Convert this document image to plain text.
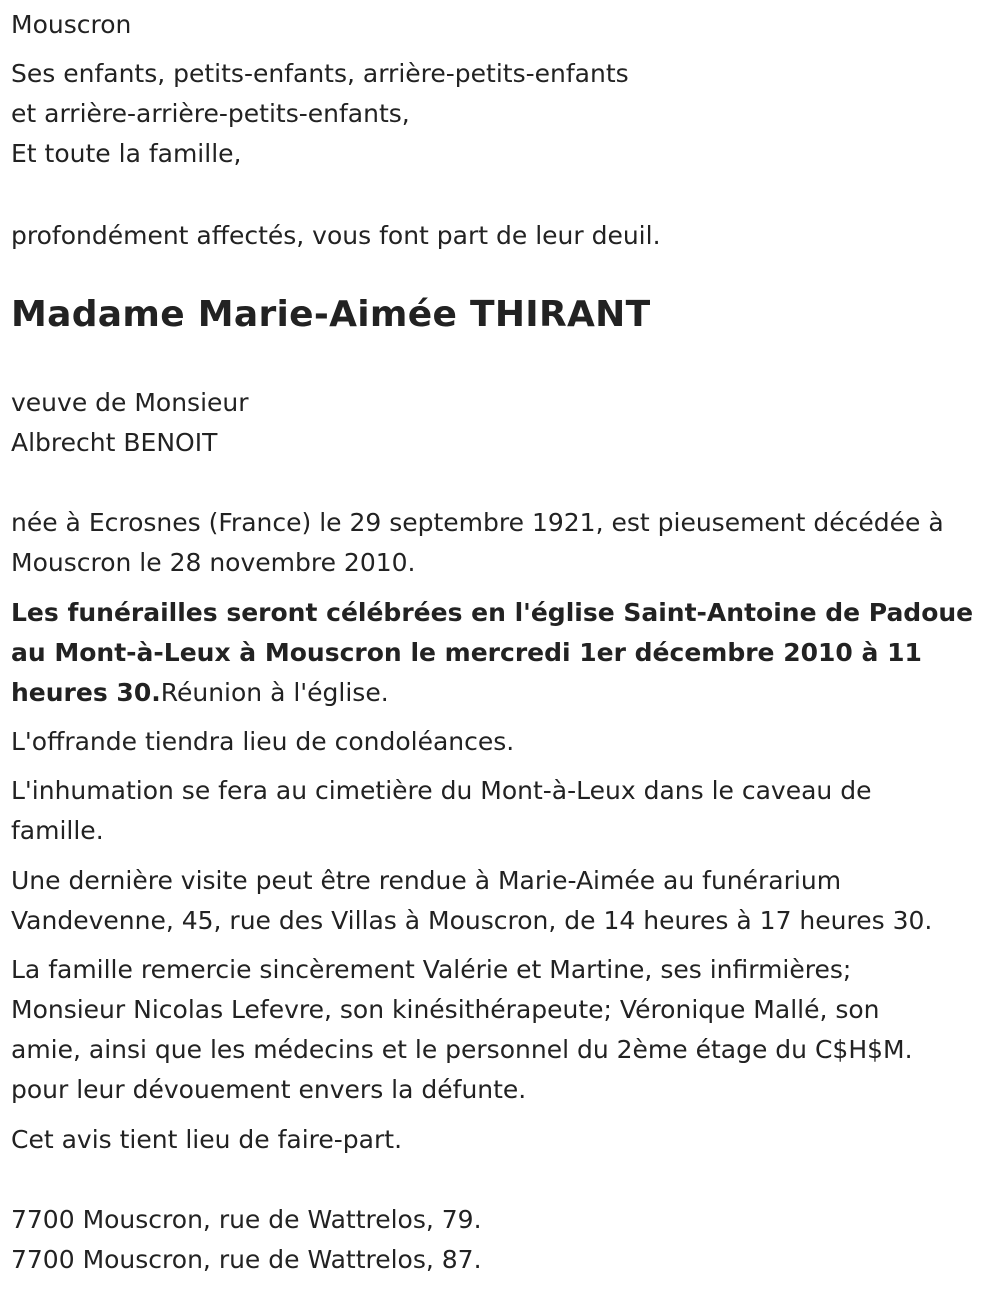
Mouscron
Ses enfants, petits-enfants, arrière-petits-enfants
et arrière-arrière-petits-enfants,
Et toute la famille,
profondément affectés, vous font part de leur deuil.
Madame Marie-Aimée THIRANT
veuve de Monsieur
Albrecht BENOIT
née à Ecrosnes (France) le 29 septembre 1921, est pieusement décédée à
Mouscron le 28 novembre 2010.
Les funérailles seront célébrées en l'église Saint-Antoine de Padoue
au Mont-à-Leux à Mouscron le mercredi 1er décembre 2010 à 11
heures 30.Réunion à l'église.
L'offrande tiendra lieu de condoléances.
L'inhumation se fera au cimetière du Mont-à-Leux dans le caveau de
famille.
Une dernière visite peut être rendue à Marie-Aimée au funérarium
Vandevenne, 45, rue des Villas à Mouscron, de 14 heures à 17 heures 30.
La famille remercie sincèrement Valérie et Martine, ses infirmières;
Monsieur Nicolas Lefevre, son kinésithérapeute; Véronique Mallé, son
amie, ainsi que les médecins et le personnel du 2ème étage du C$H$M.
pour leur dévouement envers la défunte.
Cet avis tient lieu de faire-part.
7700 Mouscron, rue de Wattrelos, 79.
7700 Mouscron, rue de Wattrelos, 87.
